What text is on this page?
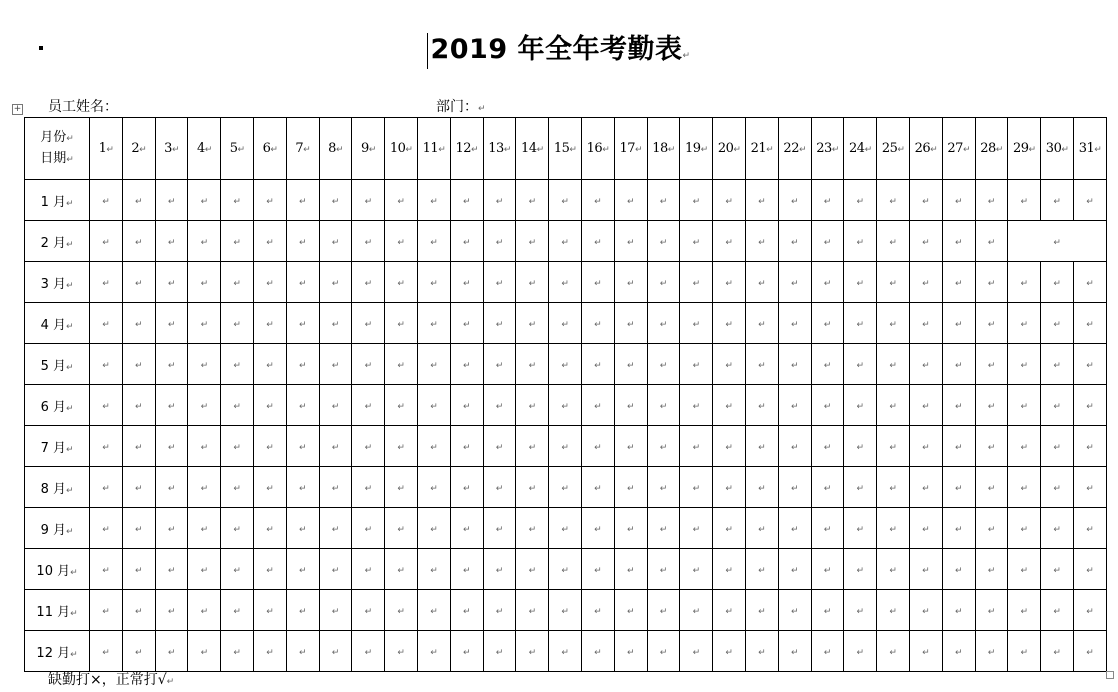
2019 年全年考勤表↵
+ 员工姓名：	部门：↵
月份↵
日期↵	1↵	2↵	3↵	4↵	5↵	6↵	7↵	8↵	9↵	10↵	11↵	12↵	13↵	14↵	15↵	16↵	17↵	18↵	19↵	20↵	21↵	22↵	23↵	24↵	25↵	26↵	27↵	28↵	29↵	30↵	31↵
1 月↵	↵	↵	↵	↵	↵	↵	↵	↵	↵	↵	↵	↵	↵	↵	↵	↵	↵	↵	↵	↵	↵	↵	↵	↵	↵	↵	↵	↵	↵	↵	↵
2 月↵	↵	↵	↵	↵	↵	↵	↵	↵	↵	↵	↵	↵	↵	↵	↵	↵	↵	↵	↵	↵	↵	↵	↵	↵	↵	↵	↵	↵	↵		
3 月↵	↵	↵	↵	↵	↵	↵	↵	↵	↵	↵	↵	↵	↵	↵	↵	↵	↵	↵	↵	↵	↵	↵	↵	↵	↵	↵	↵	↵	↵	↵	↵
4 月↵	↵	↵	↵	↵	↵	↵	↵	↵	↵	↵	↵	↵	↵	↵	↵	↵	↵	↵	↵	↵	↵	↵	↵	↵	↵	↵	↵	↵	↵	↵	↵
5 月↵	↵	↵	↵	↵	↵	↵	↵	↵	↵	↵	↵	↵	↵	↵	↵	↵	↵	↵	↵	↵	↵	↵	↵	↵	↵	↵	↵	↵	↵	↵	↵
6 月↵	↵	↵	↵	↵	↵	↵	↵	↵	↵	↵	↵	↵	↵	↵	↵	↵	↵	↵	↵	↵	↵	↵	↵	↵	↵	↵	↵	↵	↵	↵	↵
7 月↵	↵	↵	↵	↵	↵	↵	↵	↵	↵	↵	↵	↵	↵	↵	↵	↵	↵	↵	↵	↵	↵	↵	↵	↵	↵	↵	↵	↵	↵	↵	↵
8 月↵	↵	↵	↵	↵	↵	↵	↵	↵	↵	↵	↵	↵	↵	↵	↵	↵	↵	↵	↵	↵	↵	↵	↵	↵	↵	↵	↵	↵	↵	↵	↵
9 月↵	↵	↵	↵	↵	↵	↵	↵	↵	↵	↵	↵	↵	↵	↵	↵	↵	↵	↵	↵	↵	↵	↵	↵	↵	↵	↵	↵	↵	↵	↵	↵
10 月↵	↵	↵	↵	↵	↵	↵	↵	↵	↵	↵	↵	↵	↵	↵	↵	↵	↵	↵	↵	↵	↵	↵	↵	↵	↵	↵	↵	↵	↵	↵	↵
11 月↵	↵	↵	↵	↵	↵	↵	↵	↵	↵	↵	↵	↵	↵	↵	↵	↵	↵	↵	↵	↵	↵	↵	↵	↵	↵	↵	↵	↵	↵	↵	↵
12 月↵	↵	↵	↵	↵	↵	↵	↵	↵	↵	↵	↵	↵	↵	↵	↵	↵	↵	↵	↵	↵	↵	↵	↵	↵	↵	↵	↵	↵	↵	↵	↵
缺勤打×，正常打√↵
